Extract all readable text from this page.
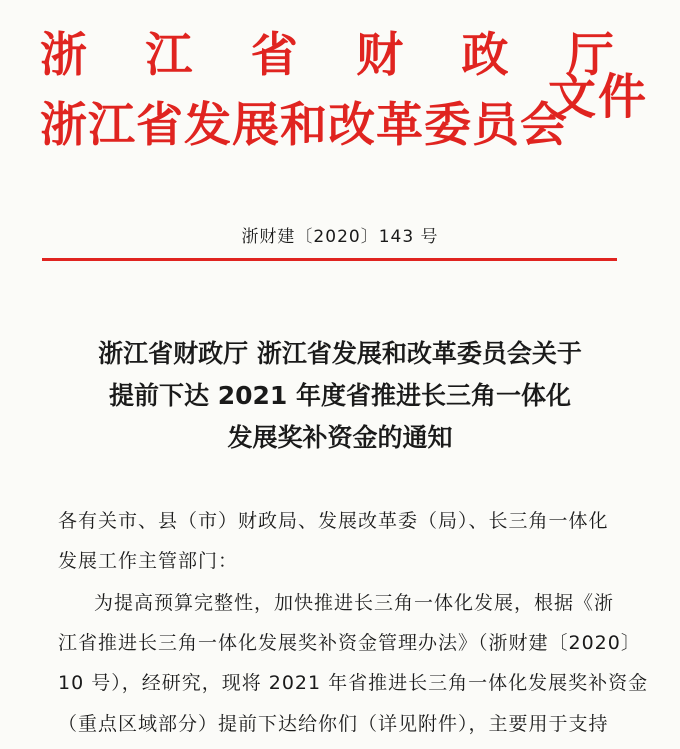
浙 江 省 财 政 厅
浙江省发展和改革委员会
文件
浙财建〔2020〕143 号
浙江省财政厅 浙江省发展和改革委员会关于
提前下达 2021 年度省推进长三角一体化
发展奖补资金的通知
各有关市、县（市）财政局、发展改革委（局）、长三角一体化
发展工作主管部门：
为提高预算完整性，加快推进长三角一体化发展，根据《浙
江省推进长三角一体化发展奖补资金管理办法》（浙财建〔2020〕
10 号），经研究，现将 2021 年省推进长三角一体化发展奖补资金
（重点区域部分）提前下达给你们（详见附件），主要用于支持
